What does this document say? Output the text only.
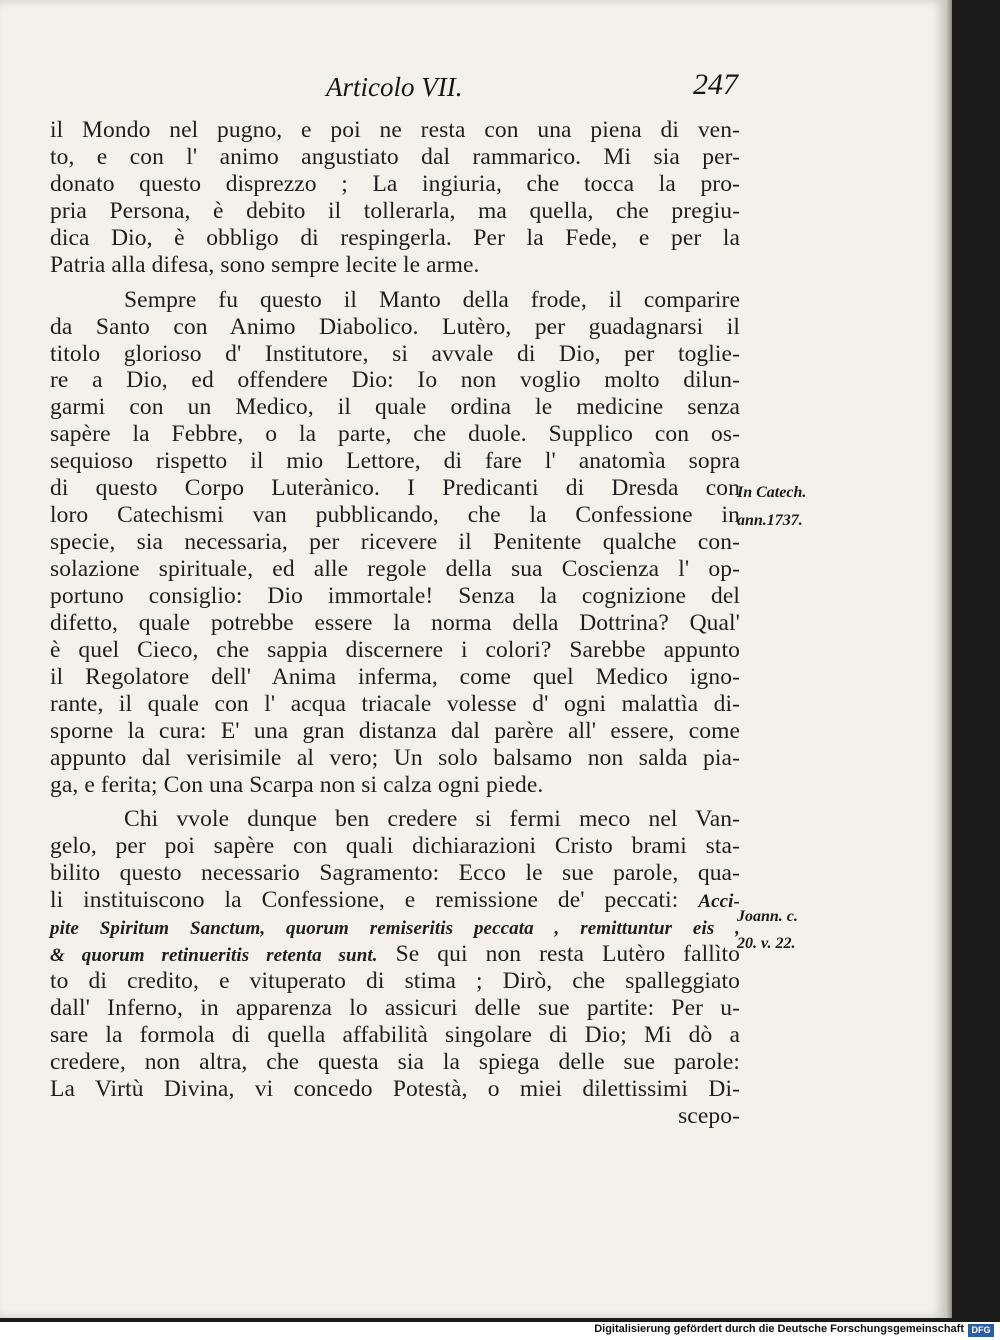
Articolo VII.	247
il Mondo nel pugno, e poi ne resta con una piena di ven-
to, e con l' animo angustiato dal rammarico. Mi sia per-
donato questo disprezzo ; La ingiuria, che tocca la pro-
pria Persona, è debito il tollerarla, ma quella, che pregiu-
dica Dio, è obbligo di respingerla. Per la Fede, e per la
Patria alla difesa, sono sempre lecite le arme.
Sempre fu questo il Manto della frode, il comparire
da Santo con Animo Diabolico. Lutèro, per guadagnarsi il
titolo glorioso d' Institutore, si avvale di Dio, per toglie-
re a Dio, ed offendere Dio: Io non voglio molto dilun-
garmi con un Medico, il quale ordina le medicine senza
sapère la Febbre, o la parte, che duole. Supplico con os-
sequioso rispetto il mio Lettore, di fare l' anatomìa sopra
di questo Corpo Luterànico. I Predicanti di Dresda con
loro Catechismi van pubblicando, che la Confessione in
specie, sia necessaria, per ricevere il Penitente qualche con-
solazione spirituale, ed alle regole della sua Coscienza l' op-
portuno consiglio: Dio immortale! Senza la cognizione del
difetto, quale potrebbe essere la norma della Dottrina? Qual'
è quel Cieco, che sappia discernere i colori? Sarebbe appunto
il Regolatore dell' Anima inferma, come quel Medico igno-
rante, il quale con l' acqua triacale volesse d' ogni malattìa di-
sporne la cura: E' una gran distanza dal parère all' essere, come
appunto dal verisimile al vero; Un solo balsamo non salda pia-
ga, e ferita; Con una Scarpa non si calza ogni piede.
Chi vvole dunque ben credere si fermi meco nel Van-
gelo, per poi sapère con quali dichiarazioni Cristo brami sta-
bilito questo necessario Sagramento: Ecco le sue parole, qua-
li instituiscono la Confessione, e remissione de' peccati: Acci-
pite Spiritum Sanctum, quorum remiseritis peccata , remittuntur eis ,
& quorum retinueritis retenta sunt. Se qui non resta Lutèro fallìto
to di credito, e vituperato di stima ; Dirò, che spalleggiato
dall' Inferno, in apparenza lo assicuri delle sue partite: Per u-
sare la formola di quella affabilità singolare di Dio; Mi dò a
credere, non altra, che questa sia la spiega delle sue parole:
La Virtù Divina, vi concedo Potestà, o miei dilettissimi Di-
scepo-
In Catech.
ann.1737.
Joann. c.
20. v. 22.
Digitalisierung gefördert durch die Deutsche Forschungsgemeinschaft DFG
